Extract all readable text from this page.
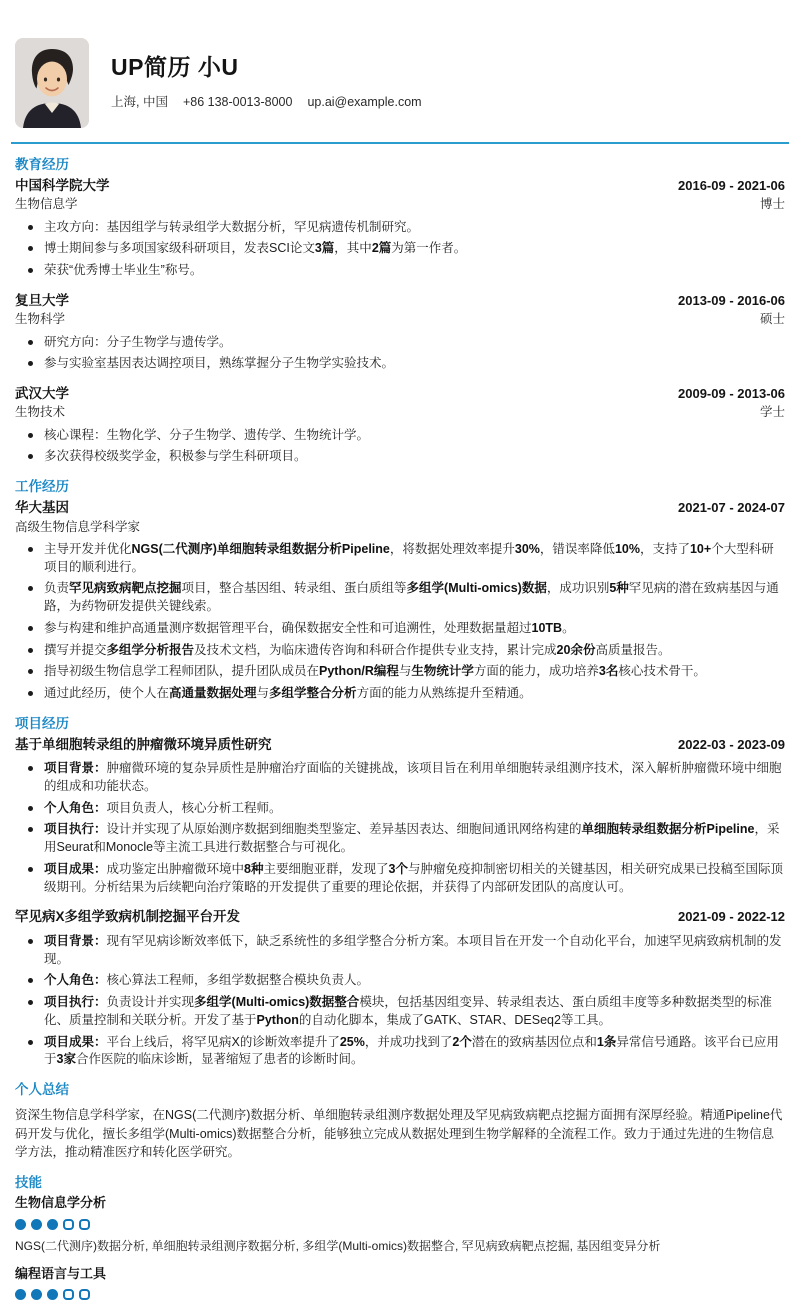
UP简历 小U
上海, 中国 +86 138-0013-8000 up.ai@example.com
教育经历
中国科学院大学	2016-09 - 2021-06
生物信息学	博士
主攻方向：基因组学与转录组学大数据分析，罕见病遗传机制研究。
博士期间参与多项国家级科研项目，发表SCI论文3篇，其中2篇为第一作者。
荣获“优秀博士毕业生”称号。
复旦大学	2013-09 - 2016-06
生物科学	硕士
研究方向：分子生物学与遗传学。
参与实验室基因表达调控项目，熟练掌握分子生物学实验技术。
武汉大学	2009-09 - 2013-06
生物技术	学士
核心课程：生物化学、分子生物学、遗传学、生物统计学。
多次获得校级奖学金，积极参与学生科研项目。
工作经历
华大基因	2021-07 - 2024-07
高级生物信息学科学家
主导开发并优化NGS(二代测序)单细胞转录组数据分析Pipeline，将数据处理效率提升30%，错误率降低10%，支持了10+个大型科研项目的顺利进行。
负责罕见病致病靶点挖掘项目，整合基因组、转录组、蛋白质组等多组学(Multi-omics)数据，成功识别5种罕见病的潜在致病基因与通路，为药物研发提供关键线索。
参与构建和维护高通量测序数据管理平台，确保数据安全性和可追溯性，处理数据量超过10TB。
撰写并提交多组学分析报告及技术文档，为临床遗传咨询和科研合作提供专业支持，累计完成20余份高质量报告。
指导初级生物信息学工程师团队，提升团队成员在Python/R编程与生物统计学方面的能力，成功培养3名核心技术骨干。
通过此经历，使个人在高通量数据处理与多组学整合分析方面的能力从熟练提升至精通。
项目经历
基于单细胞转录组的肿瘤微环境异质性研究	2022-03 - 2023-09
项目背景：肿瘤微环境的复杂异质性是肿瘤治疗面临的关键挑战，该项目旨在利用单细胞转录组测序技术，深入解析肿瘤微环境中细胞的组成和功能状态。
个人角色：项目负责人，核心分析工程师。
项目执行：设计并实现了从原始测序数据到细胞类型鉴定、差异基因表达、细胞间通讯网络构建的单细胞转录组数据分析Pipeline，采用Seurat和Monocle等主流工具进行数据整合与可视化。
项目成果：成功鉴定出肿瘤微环境中8种主要细胞亚群，发现了3个与肿瘤免疫抑制密切相关的关键基因，相关研究成果已投稿至国际顶级期刊。分析结果为后续靶向治疗策略的开发提供了重要的理论依据，并获得了内部研发团队的高度认可。
罕见病X多组学致病机制挖掘平台开发	2021-09 - 2022-12
项目背景：现有罕见病诊断效率低下，缺乏系统性的多组学整合分析方案。本项目旨在开发一个自动化平台，加速罕见病致病机制的发现。
个人角色：核心算法工程师，多组学数据整合模块负责人。
项目执行：负责设计并实现多组学(Multi-omics)数据整合模块，包括基因组变异、转录组表达、蛋白质组丰度等多种数据类型的标准化、质量控制和关联分析。开发了基于Python的自动化脚本，集成了GATK、STAR、DESeq2等工具。
项目成果：平台上线后，将罕见病X的诊断效率提升了25%，并成功找到了2个潜在的致病基因位点和1条异常信号通路。该平台已应用于3家合作医院的临床诊断，显著缩短了患者的诊断时间。
个人总结

资深生物信息学科学家，在NGS(二代测序)数据分析、单细胞转录组测序数据处理及罕见病致病靶点挖掘方面拥有深厚经验。精通Pipeline代码开发与优化，擅长多组学(Multi-omics)数据整合分析，能够独立完成从数据处理到生物学解释的全流程工作。致力于通过先进的生物信息学方法，推动精准医疗和转化医学研究。

技能
生物信息学分析
NGS(二代测序)数据分析, 单细胞转录组测序数据分析, 多组学(Multi-omics)数据整合, 罕见病致病靶点挖掘, 基因组变异分析
编程语言与工具
